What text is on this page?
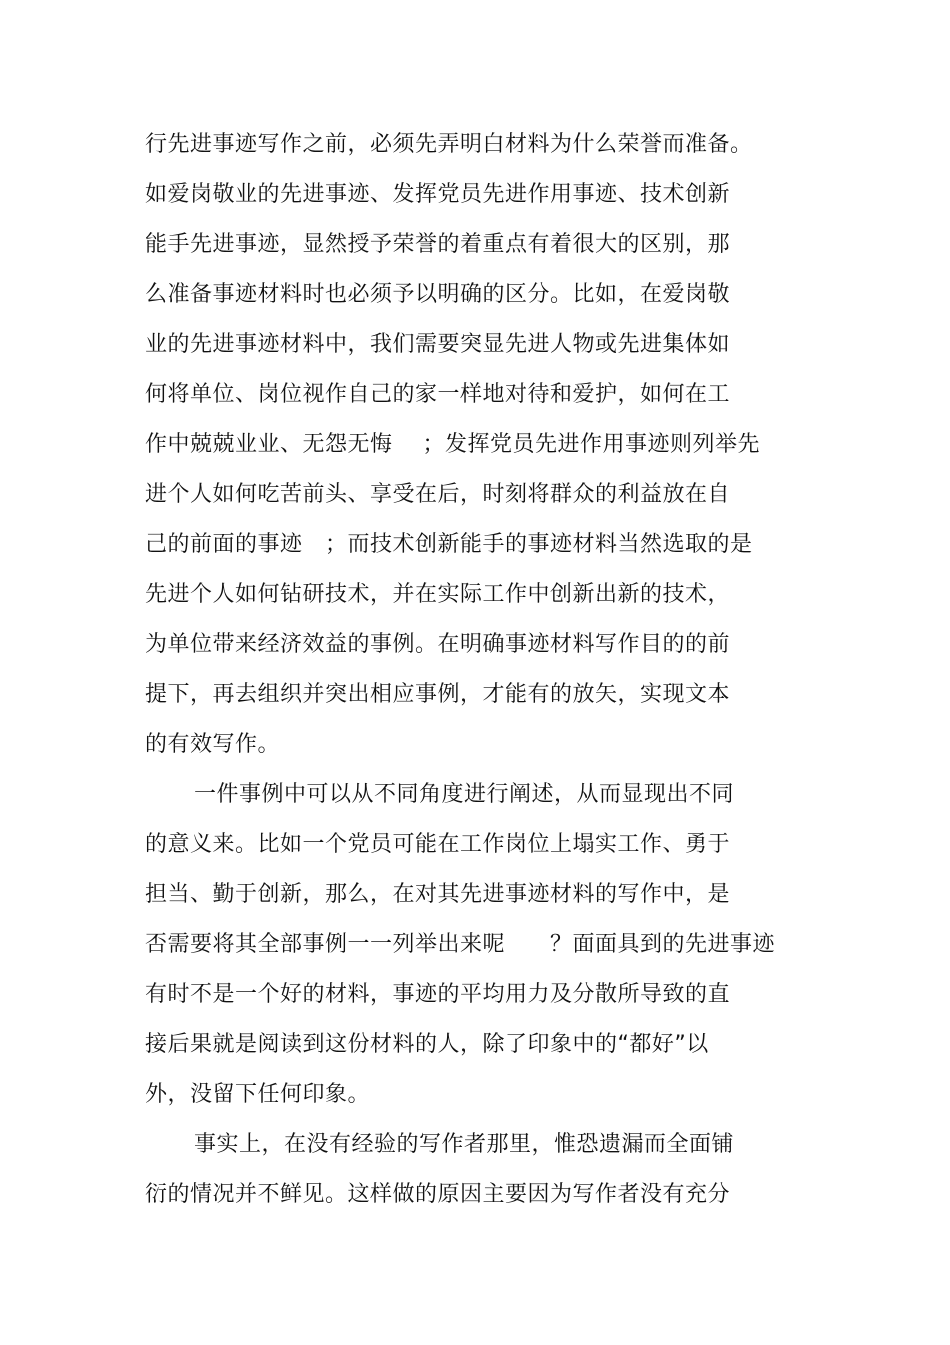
行先进事迹写作之前，必须先弄明白材料为什么荣誉而准备。
如爱岗敬业的先进事迹、发挥党员先进作用事迹、技术创新
能手先进事迹，显然授予荣誉的着重点有着很大的区别，那
么准备事迹材料时也必须予以明确的区分。比如，在爱岗敬
业的先进事迹材料中，我们需要突显先进人物或先进集体如
何将单位、岗位视作自己的家一样地对待和爱护，如何在工
作中兢兢业业、无怨无悔　 ；发挥党员先进作用事迹则列举先
进个人如何吃苦前头、享受在后，时刻将群众的利益放在自
己的前面的事迹　；而技术创新能手的事迹材料当然选取的是
先进个人如何钻研技术，并在实际工作中创新出新的技术，
为单位带来经济效益的事例。在明确事迹材料写作目的的前
提下，再去组织并突出相应事例，才能有的放矢，实现文本
的有效写作。
一件事例中可以从不同角度进行阐述，从而显现出不同
的意义来。比如一个党员可能在工作岗位上塌实工作、勇于
担当、勤于创新，那么，在对其先进事迹材料的写作中，是
否需要将其全部事例一一列举出来呢　　？面面具到的先进事迹
有时不是一个好的材料，事迹的平均用力及分散所导致的直
接后果就是阅读到这份材料的人，除了印象中的“都好”以
外，没留下任何印象。
事实上，在没有经验的写作者那里，惟恐遗漏而全面铺
衍的情况并不鲜见。这样做的原因主要因为写作者没有充分
